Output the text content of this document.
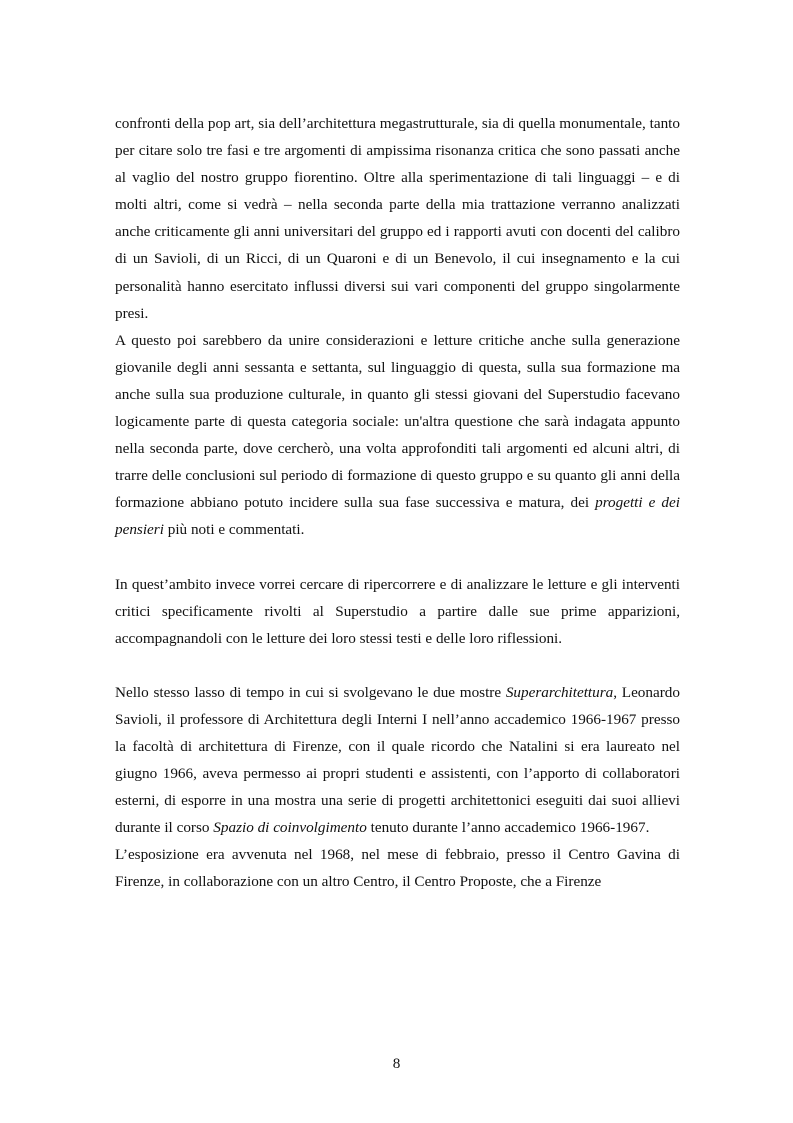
confronti della pop art, sia dell’architettura megastrutturale, sia di quella monumentale, tanto per citare solo tre fasi e tre argomenti di ampissima risonanza critica che sono passati anche al vaglio del nostro gruppo fiorentino. Oltre alla sperimentazione di tali linguaggi – e di molti altri, come si vedrà – nella seconda parte della mia trattazione verranno analizzati anche criticamente gli anni universitari del gruppo ed i rapporti avuti con docenti del calibro di un Savioli, di un Ricci, di un Quaroni e di un Benevolo, il cui insegnamento e la cui personalità hanno esercitato influssi diversi sui vari componenti del gruppo singolarmente presi.

A questo poi sarebbero da unire considerazioni e letture critiche anche sulla generazione giovanile degli anni sessanta e settanta, sul linguaggio di questa, sulla sua formazione ma anche sulla sua produzione culturale, in quanto gli stessi giovani del Superstudio facevano logicamente parte di questa categoria sociale: un'altra questione che sarà indagata appunto nella seconda parte, dove cercherò, una volta approfonditi tali argomenti ed alcuni altri, di trarre delle conclusioni sul periodo di formazione di questo gruppo e su quanto gli anni della formazione abbiano potuto incidere sulla sua fase successiva e matura, dei progetti e dei pensieri più noti e commentati.

In quest’ambito invece vorrei cercare di ripercorrere e di analizzare le letture e gli interventi critici specificamente rivolti al Superstudio a partire dalle sue prime apparizioni, accompagnandoli con le letture dei loro stessi testi e delle loro riflessioni.

Nello stesso lasso di tempo in cui si svolgevano le due mostre Superarchitettura, Leonardo Savioli, il professore di Architettura degli Interni I nell’anno accademico 1966-1967 presso la facoltà di architettura di Firenze, con il quale ricordo che Natalini si era laureato nel giugno 1966, aveva permesso ai propri studenti e assistenti, con l’apporto di collaboratori esterni, di esporre in una mostra una serie di progetti architettonici eseguiti dai suoi allievi durante il corso Spazio di coinvolgimento tenuto durante l’anno accademico 1966-1967.

L’esposizione era avvenuta nel 1968, nel mese di febbraio, presso il Centro Gavina di Firenze, in collaborazione con un altro Centro, il Centro Proposte, che a Firenze

8
